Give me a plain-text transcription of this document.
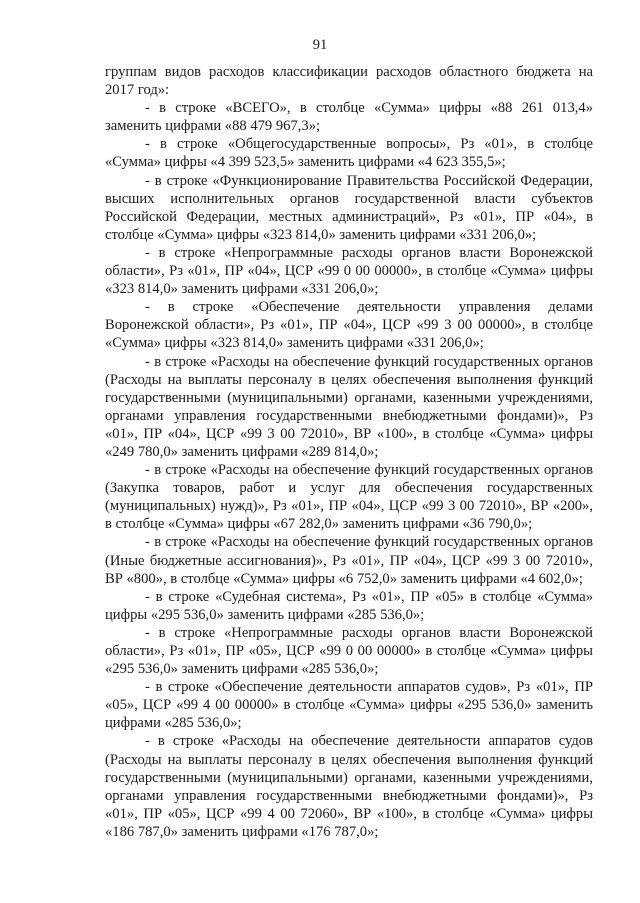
91

группам видов расходов классификации расходов областного бюджета на 2017 год»:

- в строке «ВСЕГО», в столбце «Сумма» цифры «88 261 013,4» заменить цифрами «88 479 967,3»;

- в строке «Общегосударственные вопросы», Рз «01», в столбце «Сумма» цифры «4 399 523,5» заменить цифрами «4 623 355,5»;

- в строке «Функционирование Правительства Российской Федерации, высших исполнительных органов государственной власти субъектов Российской Федерации, местных администраций», Рз «01», ПР «04», в столбце «Сумма» цифры «323 814,0» заменить цифрами «331 206,0»;

- в строке «Непрограммные расходы органов власти Воронежской области», Рз «01», ПР «04», ЦСР «99 0 00 00000», в столбце «Сумма» цифры «323 814,0» заменить цифрами «331 206,0»;

- в строке «Обеспечение деятельности управления делами Воронежской области», Рз «01», ПР «04», ЦСР «99 3 00 00000», в столбце «Сумма» цифры «323 814,0» заменить цифрами «331 206,0»;

- в строке «Расходы на обеспечение функций государственных органов (Расходы на выплаты персоналу в целях обеспечения выполнения функций государственными (муниципальными) органами, казенными учреждениями, органами управления государственными внебюджетными фондами)», Рз «01», ПР «04», ЦСР «99 3 00 72010», ВР «100», в столбце «Сумма» цифры «249 780,0» заменить цифрами «289 814,0»;

- в строке «Расходы на обеспечение функций государственных органов (Закупка товаров, работ и услуг для обеспечения государственных (муниципальных) нужд)», Рз «01», ПР «04», ЦСР «99 3 00 72010», ВР «200», в столбце «Сумма» цифры «67 282,0» заменить цифрами «36 790,0»;

- в строке «Расходы на обеспечение функций государственных органов (Иные бюджетные ассигнования)», Рз «01», ПР «04», ЦСР «99 3 00 72010», ВР «800», в столбце «Сумма» цифры «6 752,0» заменить цифрами «4 602,0»;

- в строке «Судебная система», Рз «01», ПР «05» в столбце «Сумма» цифры «295 536,0» заменить цифрами «285 536,0»;

- в строке «Непрограммные расходы органов власти Воронежской области», Рз «01», ПР «05», ЦСР «99 0 00 00000» в столбце «Сумма» цифры «295 536,0» заменить цифрами «285 536,0»;

- в строке «Обеспечение деятельности аппаратов судов», Рз «01», ПР «05», ЦСР «99 4 00 00000» в столбце «Сумма» цифры «295 536,0» заменить цифрами «285 536,0»;

- в строке «Расходы на обеспечение деятельности аппаратов судов (Расходы на выплаты персоналу в целях обеспечения выполнения функций государственными (муниципальными) органами, казенными учреждениями, органами управления государственными внебюджетными фондами)», Рз «01», ПР «05», ЦСР «99 4 00 72060», ВР «100», в столбце «Сумма» цифры «186 787,0» заменить цифрами «176 787,0»;
